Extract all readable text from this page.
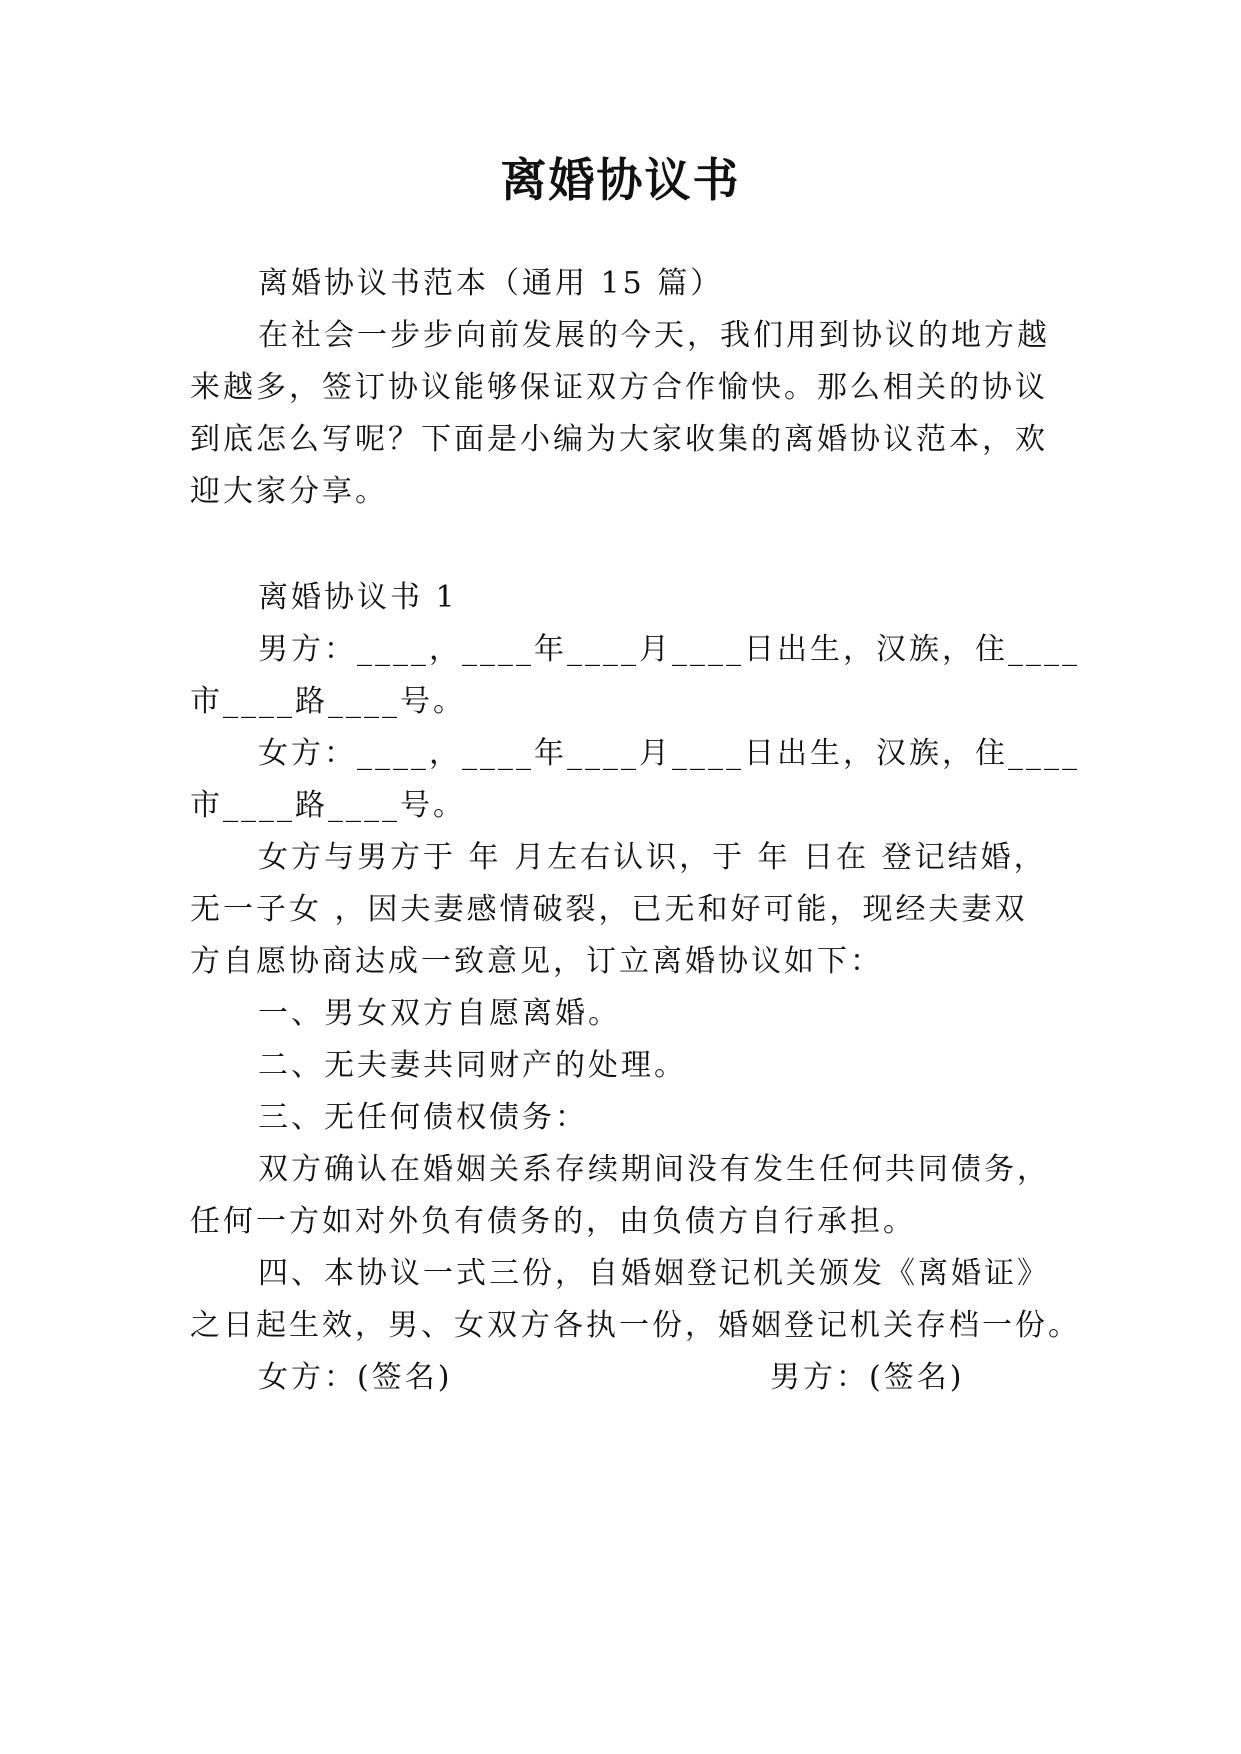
离婚协议书
离婚协议书范本（通用 15 篇）
在社会一步步向前发展的今天，我们用到协议的地方越
来越多，签订协议能够保证双方合作愉快。那么相关的协议
到底怎么写呢？下面是小编为大家收集的离婚协议范本，欢
迎大家分享。
离婚协议书 1
男方：____，____年____月____日出生，汉族，住____
市____路____号。
女方：____，____年____月____日出生，汉族，住____
市____路____号。
女方与男方于 年 月左右认识，于 年 日在 登记结婚，
无一子女 ，因夫妻感情破裂，已无和好可能，现经夫妻双
方自愿协商达成一致意见，订立离婚协议如下：
一、男女双方自愿离婚。
二、无夫妻共同财产的处理。
三、无任何债权债务：
双方确认在婚姻关系存续期间没有发生任何共同债务，
任何一方如对外负有债务的，由负债方自行承担。
四、本协议一式三份，自婚姻登记机关颁发《离婚证》
之日起生效，男、女双方各执一份，婚姻登记机关存档一份。
女方：(签名)	男方：(签名)
